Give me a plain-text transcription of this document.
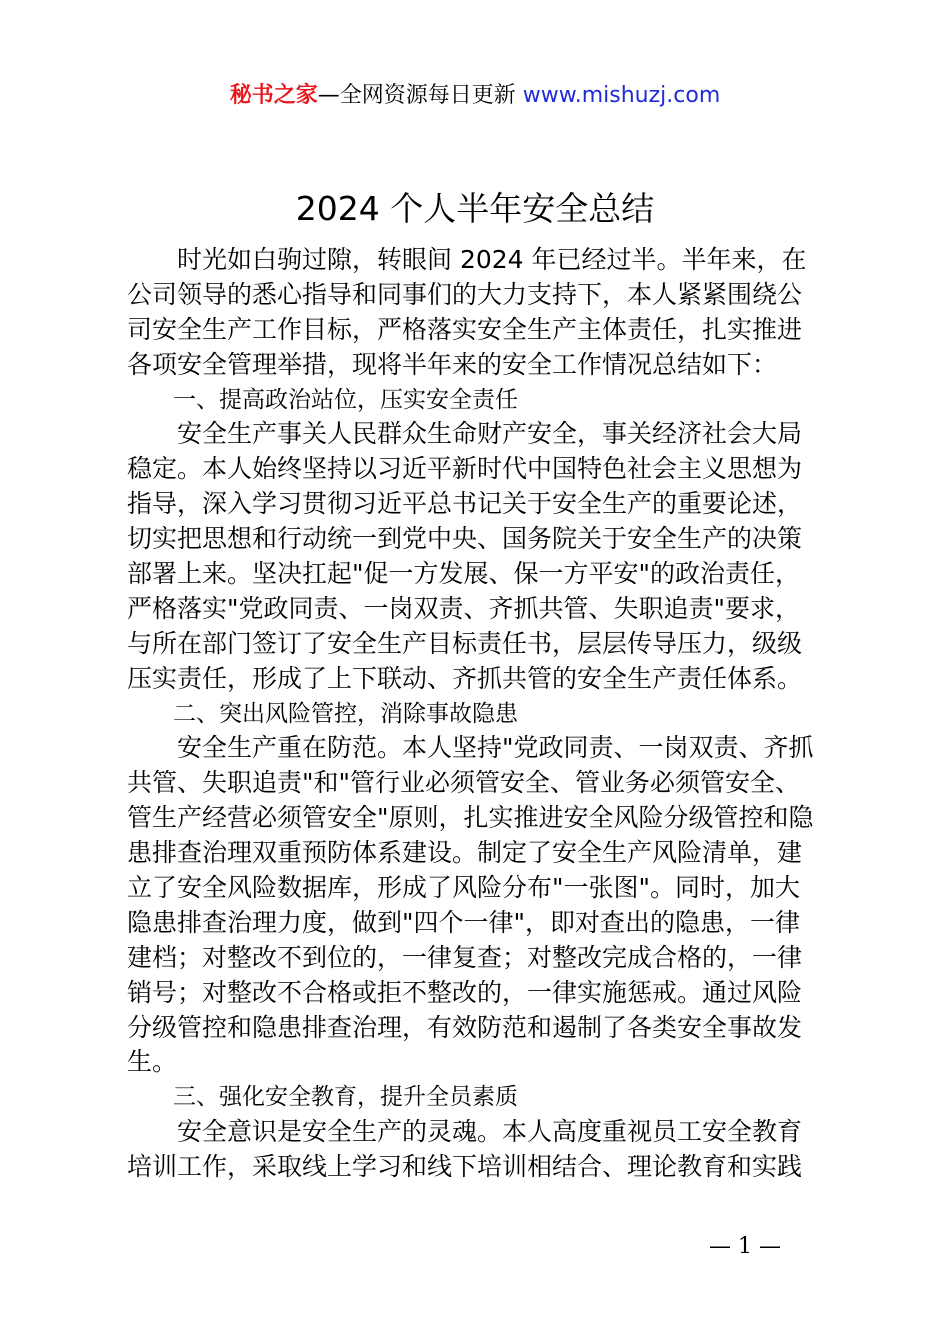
秘书之家—全网资源每日更新 www.mishuzj.com
2024 个人半年安全总结
　　时光如白驹过隙，转眼间 2024 年已经过半。半年来，在
公司领导的悉心指导和同事们的大力支持下，本人紧紧围绕公
司安全生产工作目标，严格落实安全生产主体责任，扎实推进
各项安全管理举措，现将半年来的安全工作情况总结如下：
　　一、提高政治站位，压实安全责任
　　安全生产事关人民群众生命财产安全，事关经济社会大局
稳定。本人始终坚持以习近平新时代中国特色社会主义思想为
指导，深入学习贯彻习近平总书记关于安全生产的重要论述，
切实把思想和行动统一到党中央、国务院关于安全生产的决策
部署上来。坚决扛起"促一方发展、保一方平安"的政治责任，
严格落实"党政同责、一岗双责、齐抓共管、失职追责"要求，
与所在部门签订了安全生产目标责任书，层层传导压力，级级
压实责任，形成了上下联动、齐抓共管的安全生产责任体系。
　　二、突出风险管控，消除事故隐患
　　安全生产重在防范。本人坚持"党政同责、一岗双责、齐抓
共管、失职追责"和"管行业必须管安全、管业务必须管安全、
管生产经营必须管安全"原则，扎实推进安全风险分级管控和隐
患排查治理双重预防体系建设。制定了安全生产风险清单，建
立了安全风险数据库，形成了风险分布"一张图"。同时，加大
隐患排查治理力度，做到"四个一律"，即对查出的隐患，一律
建档；对整改不到位的，一律复查；对整改完成合格的，一律
销号；对整改不合格或拒不整改的，一律实施惩戒。通过风险
分级管控和隐患排查治理，有效防范和遏制了各类安全事故发
生。
　　三、强化安全教育，提升全员素质
　　安全意识是安全生产的灵魂。本人高度重视员工安全教育
培训工作，采取线上学习和线下培训相结合、理论教育和实践
— 1 —
